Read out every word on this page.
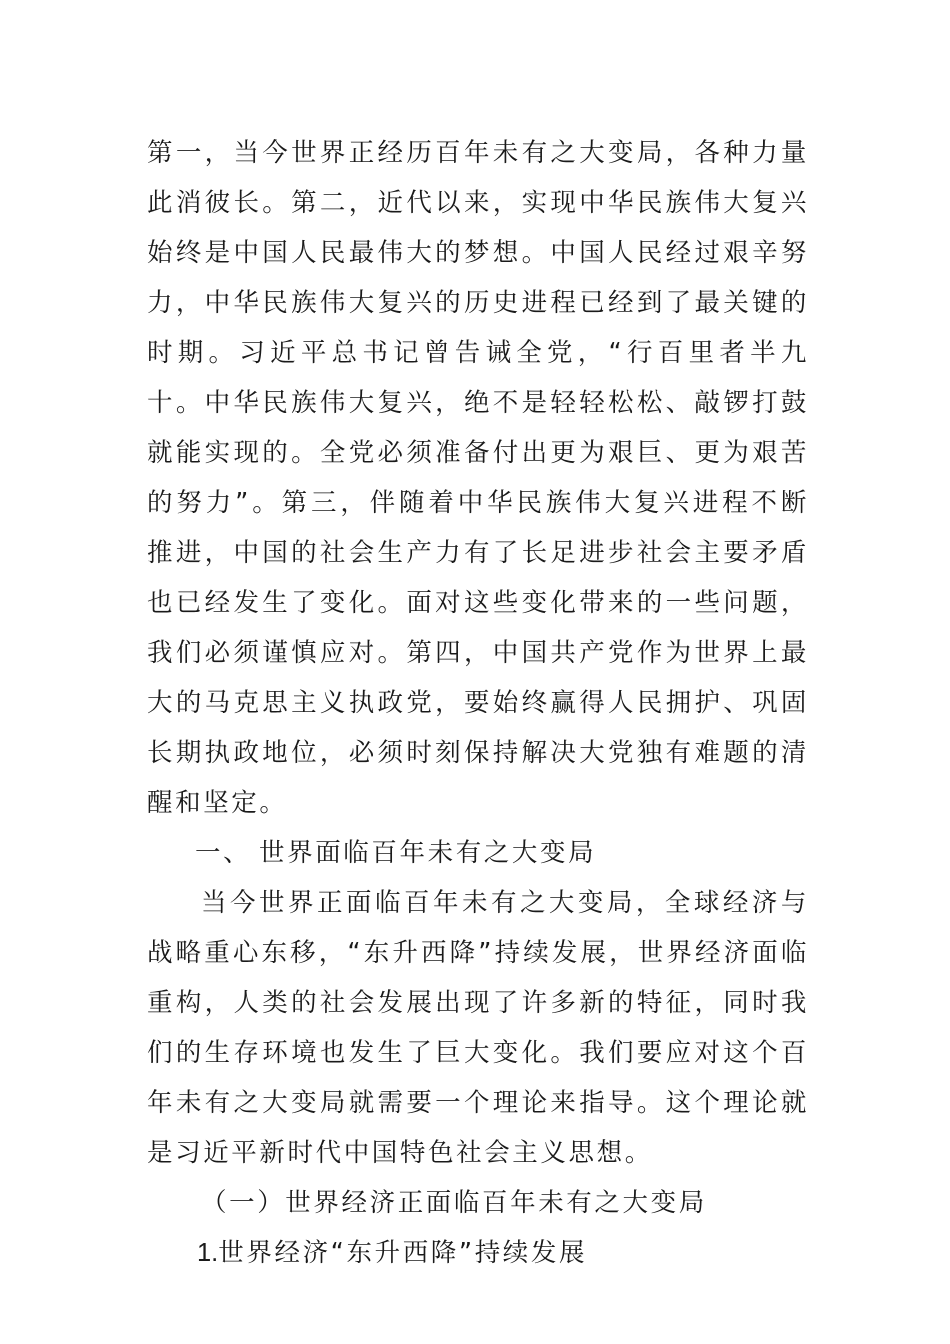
第一，当今世界正经历百年未有之大变局，各种力量此消彼长。第二，近代以来，实现中华民族伟大复兴始终是中国人民最伟大的梦想。中国人民经过艰辛努力，中华民族伟大复兴的历史进程已经到了最关键的时期。习近平总书记曾告诫全党，“行百里者半九十。中华民族伟大复兴，绝不是轻轻松松、敲锣打鼓就能实现的。全党必须准备付出更为艰巨、更为艰苦的努力”。第三，伴随着中华民族伟大复兴进程不断推进，中国的社会生产力有了长足进步社会主要矛盾也已经发生了变化。面对这些变化带来的一些问题，我们必须谨慎应对。第四，中国共产党作为世界上最大的马克思主义执政党，要始终赢得人民拥护、巩固长期执政地位，必须时刻保持解决大党独有难题的清醒和坚定。

一、 世界面临百年未有之大变局

当今世界正面临百年未有之大变局，全球经济与战略重心东移，“东升西降”持续发展，世界经济面临重构，人类的社会发展出现了许多新的特征，同时我们的生存环境也发生了巨大变化。我们要应对这个百年未有之大变局就需要一个理论来指导。这个理论就是习近平新时代中国特色社会主义思想。

（一）世界经济正面临百年未有之大变局

1.世界经济“东升西降”持续发展
